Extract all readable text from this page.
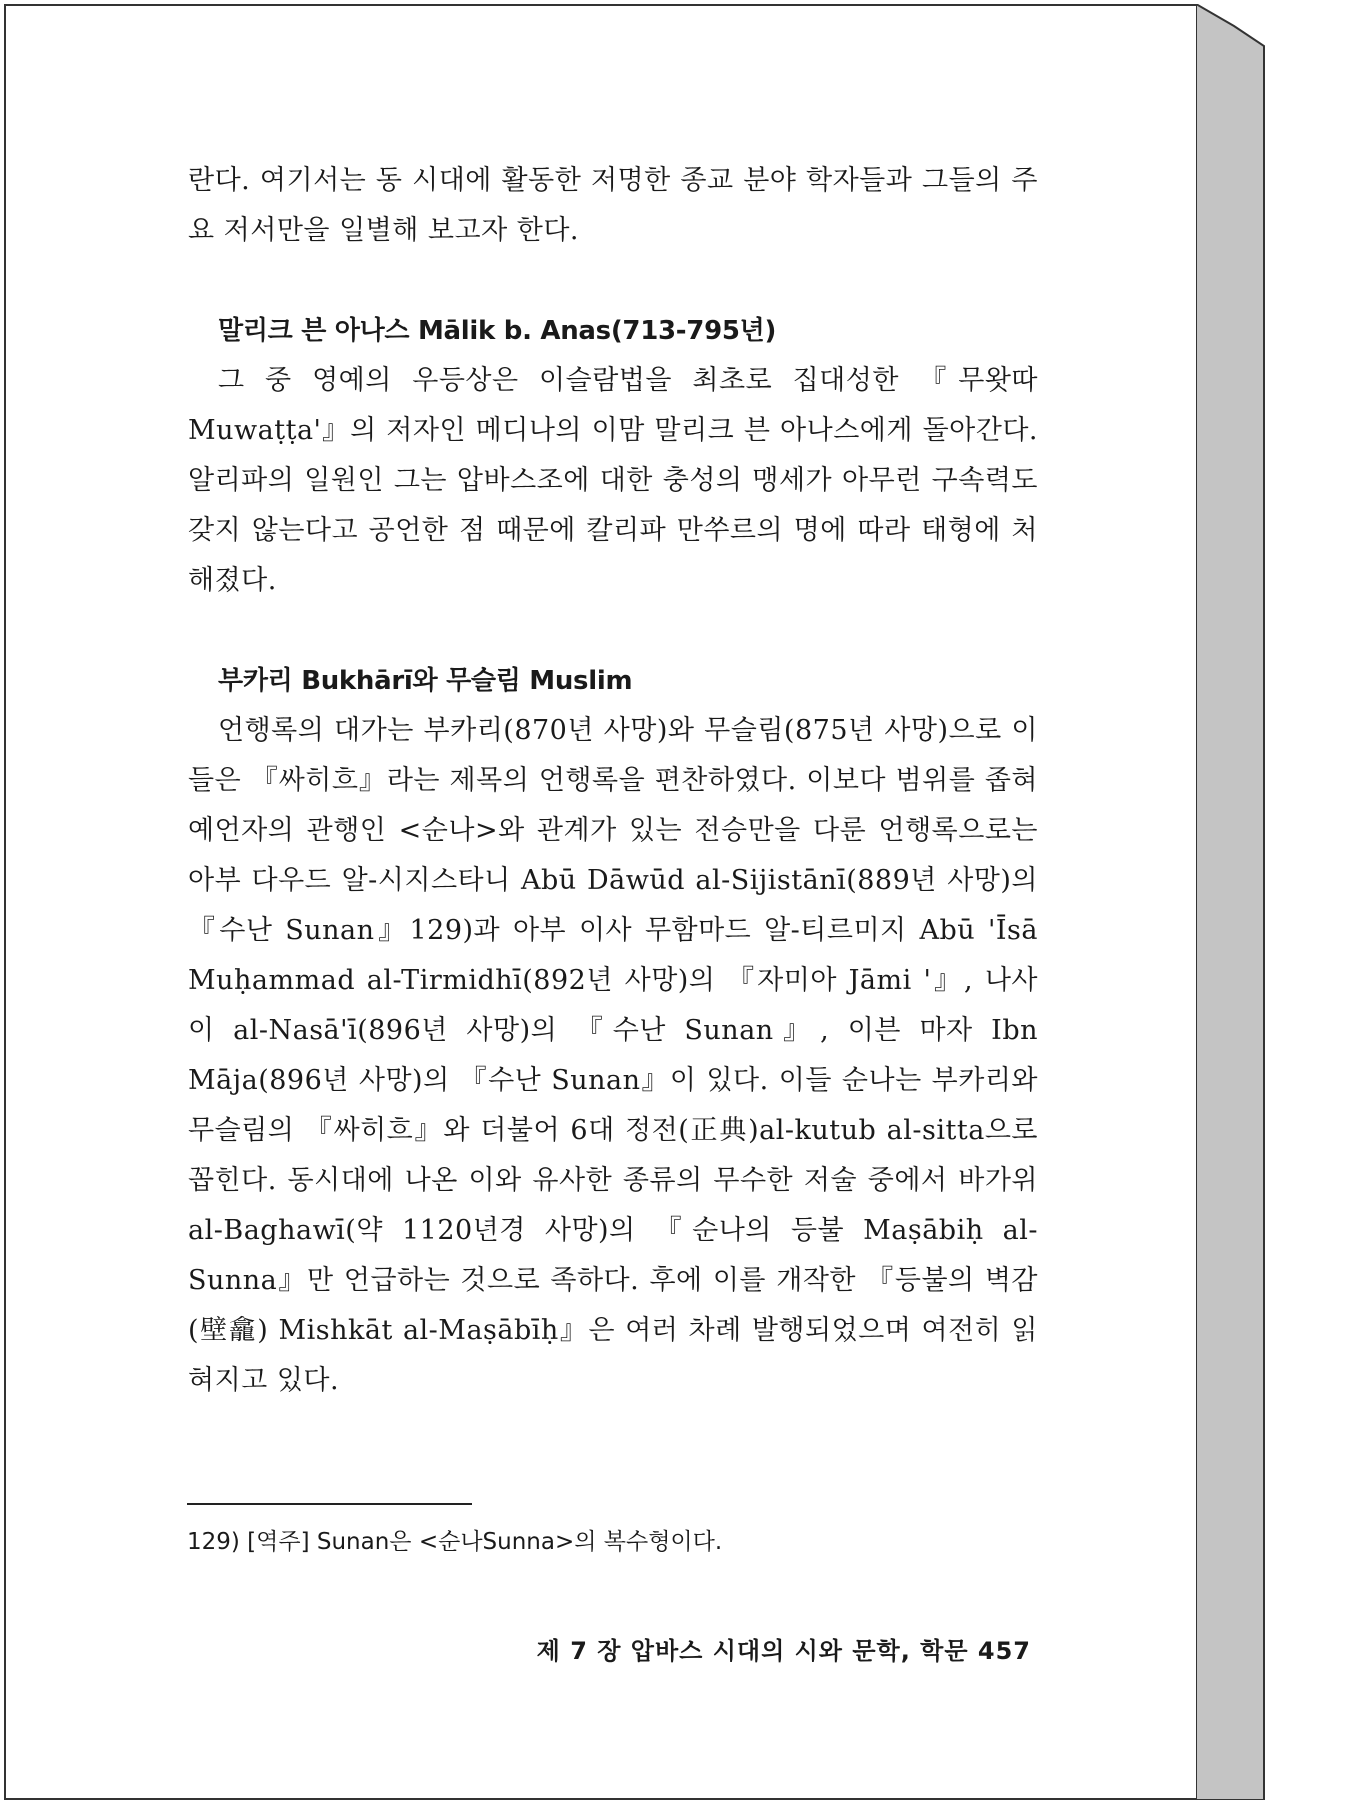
란다. 여기서는 동 시대에 활동한 저명한 종교 분야 학자들과 그들의 주요 저서만을 일별해 보고자 한다.

말리크 븐 아나스 Mālik b. Anas(713-795년)

그 중 영예의 우등상은 이슬람법을 최초로 집대성한 『무왓따 Muwaṭṭa'』의 저자인 메디나의 이맘 말리크 븐 아나스에게 돌아간다. 알리파의 일원인 그는 압바스조에 대한 충성의 맹세가 아무런 구속력도 갖지 않는다고 공언한 점 때문에 칼리파 만쑤르의 명에 따라 태형에 처해졌다.

부카리 Bukhārī와 무슬림 Muslim

언행록의 대가는 부카리(870년 사망)와 무슬림(875년 사망)으로 이들은 『싸히흐』라는 제목의 언행록을 편찬하였다. 이보다 범위를 좁혀 예언자의 관행인 <순나>와 관계가 있는 전승만을 다룬 언행록으로는 아부 다우드 알-시지스타니 Abū Dāwūd al-Sijistānī(889년 사망)의 『수난 Sunan』129)과 아부 이사 무함마드 알-티르미지 Abū 'Īsā Muḥammad al-Tirmidhī(892년 사망)의 『자미아 Jāmi '』, 나사이 al-Nasā'ī(896년 사망)의 『수난 Sunan』, 이븐 마자 Ibn Māja(896년 사망)의 『수난 Sunan』이 있다. 이들 순나는 부카리와 무슬림의 『싸히흐』와 더불어 6대 정전(正典)al-kutub al-sitta으로 꼽힌다. 동시대에 나온 이와 유사한 종류의 무수한 저술 중에서 바가위 al-Baghawī(약 1120년경 사망)의 『순나의 등불 Maṣābiḥ al-Sunna』만 언급하는 것으로 족하다. 후에 이를 개작한 『등불의 벽감(壁龕) Mishkāt al-Maṣābīḥ』은 여러 차례 발행되었으며 여전히 읽혀지고 있다.

129) [역주] Sunan은 <순나Sunna>의 복수형이다.

제 7 장 압바스 시대의 시와 문학, 학문 457
